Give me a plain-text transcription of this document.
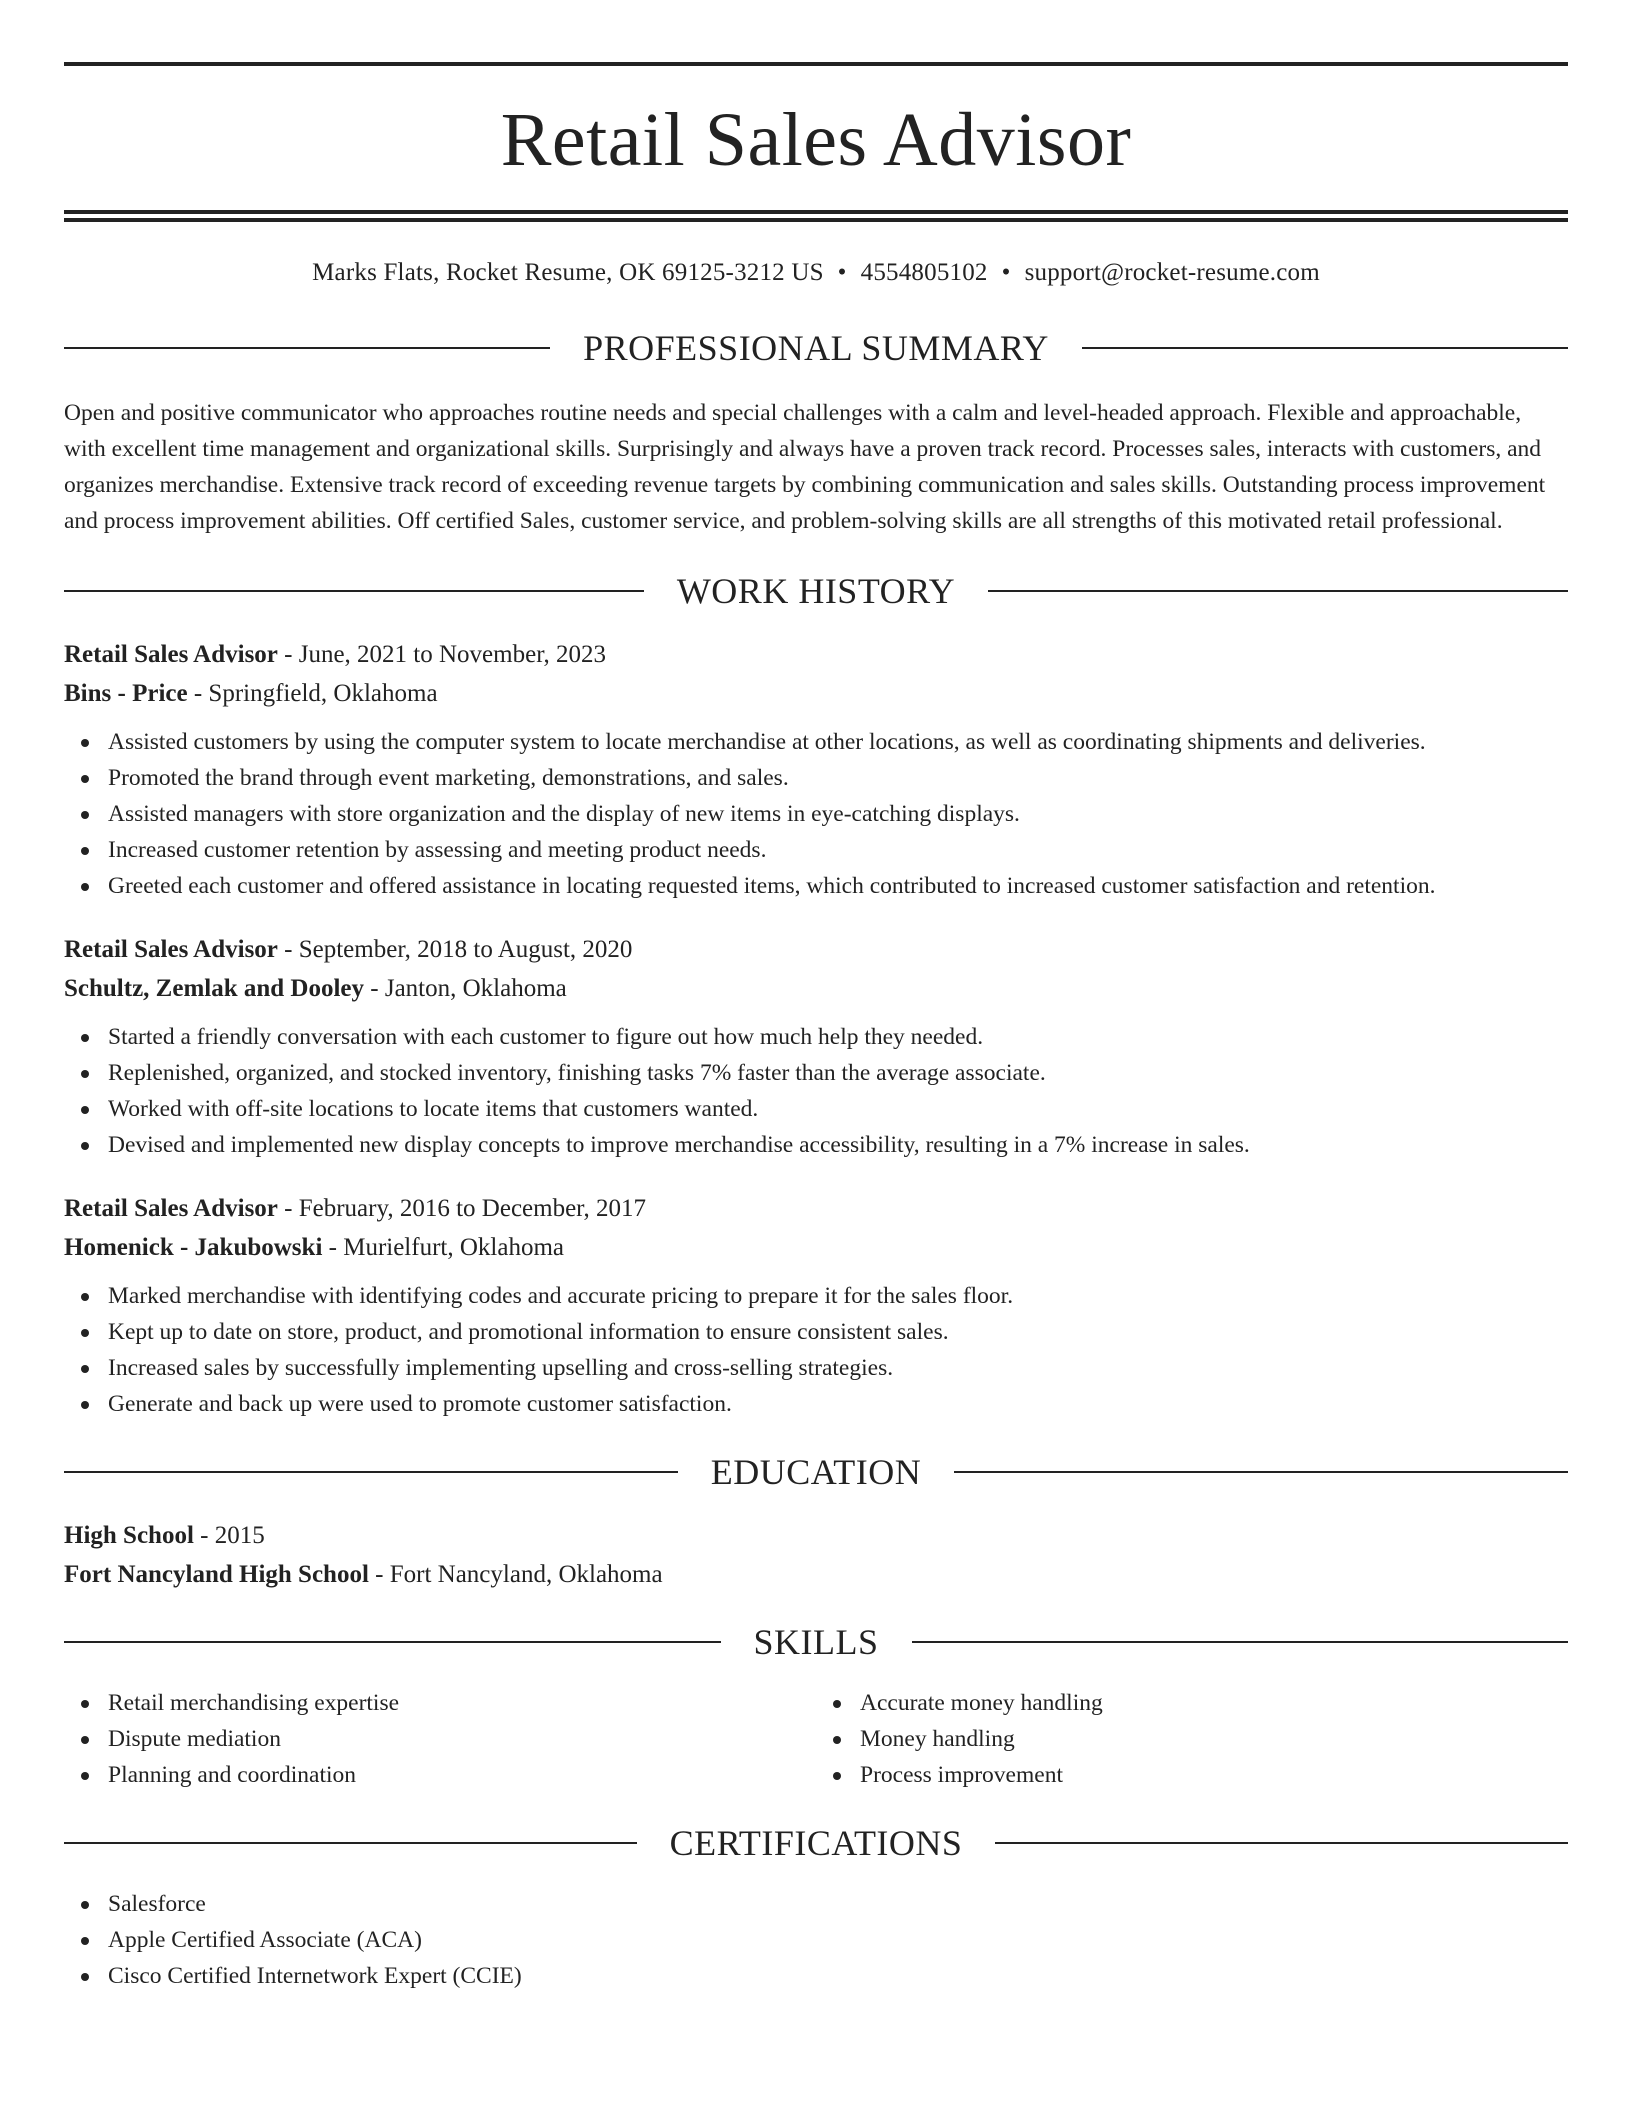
Retail Sales Advisor
Marks Flats, Rocket Resume, OK 69125-3212 US • 4554805102 • support@rocket-resume.com
PROFESSIONAL SUMMARY

Open and positive communicator who approaches routine needs and special challenges with a calm and level-headed approach. Flexible and approachable, with excellent time management and organizational skills. Surprisingly and always have a proven track record. Processes sales, interacts with customers, and organizes merchandise. Extensive track record of exceeding revenue targets by combining communication and sales skills. Outstanding process improvement and process improvement abilities. Off certified Sales, customer service, and problem-solving skills are all strengths of this motivated retail professional.

WORK HISTORY

Retail Sales Advisor - June, 2021 to November, 2023

Bins - Price - Springfield, Oklahoma

Assisted customers by using the computer system to locate merchandise at other locations, as well as coordinating shipments and deliveries.
Promoted the brand through event marketing, demonstrations, and sales.
Assisted managers with store organization and the display of new items in eye-catching displays.
Increased customer retention by assessing and meeting product needs.
Greeted each customer and offered assistance in locating requested items, which contributed to increased customer satisfaction and retention.

Retail Sales Advisor - September, 2018 to August, 2020

Schultz, Zemlak and Dooley - Janton, Oklahoma

Started a friendly conversation with each customer to figure out how much help they needed.
Replenished, organized, and stocked inventory, finishing tasks 7% faster than the average associate.
Worked with off-site locations to locate items that customers wanted.
Devised and implemented new display concepts to improve merchandise accessibility, resulting in a 7% increase in sales.

Retail Sales Advisor - February, 2016 to December, 2017

Homenick - Jakubowski - Murielfurt, Oklahoma

Marked merchandise with identifying codes and accurate pricing to prepare it for the sales floor.
Kept up to date on store, product, and promotional information to ensure consistent sales.
Increased sales by successfully implementing upselling and cross-selling strategies.
Generate and back up were used to promote customer satisfaction.
EDUCATION

High School - 2015

Fort Nancyland High School - Fort Nancyland, Oklahoma

SKILLS
Retail merchandising expertise
Dispute mediation
Planning and coordination
Accurate money handling
Money handling
Process improvement
CERTIFICATIONS
Salesforce
Apple Certified Associate (ACA)
Cisco Certified Internetwork Expert (CCIE)
